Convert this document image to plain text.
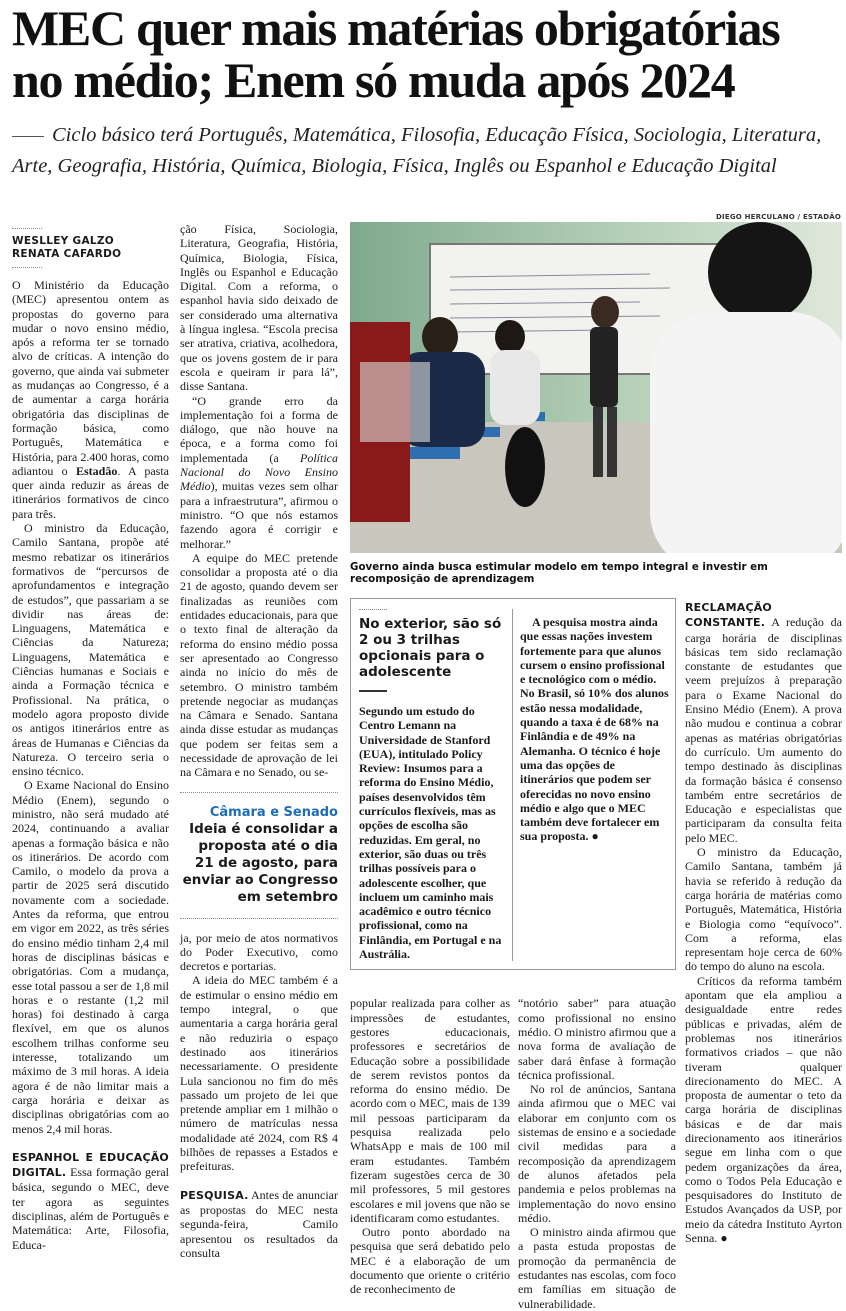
MEC quer mais matérias obrigatórias
no médio; Enem só muda após 2024
Ciclo básico terá Português, Matemática, Filosofia, Educação Física, Sociologia, Literatura, Arte, Geografia, História, Química, Biologia, Física, Inglês ou Espanhol e Educação Digital
WESLLEY GALZO
RENATA CAFARDO

O Ministério da Educação (MEC) apresentou ontem as propostas do governo para mudar o novo ensino médio, após a reforma ter se tornado alvo de críticas. A intenção do governo, que ainda vai submeter as mudanças ao Congresso, é a de aumentar a carga horária obrigatória das disciplinas de formação básica, como Português, Matemática e História, para 2.400 horas, como adiantou o Estadão. A pasta quer ainda reduzir as áreas de itinerários formativos de cinco para três.

O ministro da Educação, Camilo Santana, propõe até mesmo rebatizar os itinerários formativos de “percursos de aprofundamentos e integração de estudos”, que passariam a se dividir nas áreas de: Linguagens, Matemática e Ciências da Natureza; Linguagens, Matemática e Ciências humanas e Sociais e ainda a Formação técnica e Profissional. Na prática, o modelo agora proposto divide os antigos itinerários entre as áreas de Humanas e Ciências da Natureza. O terceiro seria o ensino técnico.

O Exame Nacional do Ensino Médio (Enem), segundo o ministro, não será mudado até 2024, continuando a avaliar apenas a formação básica e não os itinerários. De acordo com Camilo, o modelo da prova a partir de 2025 será discutido novamente com a sociedade. Antes da reforma, que entrou em vigor em 2022, as três séries do ensino médio tinham 2,4 mil horas de disciplinas básicas e obrigatórias. Com a mudança, esse total passou a ser de 1,8 mil horas e o restante (1,2 mil horas) foi destinado à carga flexível, em que os alunos escolhem trilhas conforme seu interesse, totalizando um máximo de 3 mil horas. A ideia agora é de não limitar mais a carga horária e deixar as disciplinas obrigatórias com ao menos 2,4 mil horas.

ESPANHOL E EDUCAÇÃO DIGITAL. Essa formação geral básica, segundo o MEC, deve ter agora as seguintes disciplinas, além de Português e Matemática: Arte, Filosofia, Educa-

ção Física, Sociologia, Literatura, Geografia, História, Química, Biologia, Física, Inglês ou Espanhol e Educação Digital. Com a reforma, o espanhol havia sido deixado de ser considerado uma alternativa à língua inglesa. “Escola precisa ser atrativa, criativa, acolhedora, que os jovens gostem de ir para escola e queiram ir para lá”, disse Santana.

“O grande erro da implementação foi a forma de diálogo, que não houve na época, e a forma como foi implementada (a Política Nacional do Novo Ensino Médio), muitas vezes sem olhar para a infraestrutura”, afirmou o ministro. “O que nós estamos fazendo agora é corrigir e melhorar.”

A equipe do MEC pretende consolidar a proposta até o dia 21 de agosto, quando devem ser finalizadas as reuniões com entidades educacionais, para que o texto final de alteração da reforma do ensino médio possa ser apresentado ao Congresso ainda no início do mês de setembro. O ministro também pretende negociar as mudanças na Câmara e Senado. Santana ainda disse estudar as mudanças que podem ser feitas sem a necessidade de aprovação de lei na Câmara e no Senado, ou se-

Câmara e Senado
Ideia é consolidar a proposta até o dia 21 de agosto, para enviar ao Congresso em setembro

ja, por meio de atos normativos do Poder Executivo, como decretos e portarias.

A ideia do MEC também é a de estimular o ensino médio em tempo integral, o que aumentaria a carga horária geral e não reduziria o espaço destinado aos itinerários necessariamente. O presidente Lula sancionou no fim do mês passado um projeto de lei que pretende ampliar em 1 milhão o número de matrículas nessa modalidade até 2024, com R$ 4 bilhões de repasses a Estados e prefeituras.

PESQUISA. Antes de anunciar as propostas do MEC nesta segunda-feira, Camilo apresentou os resultados da consulta

DIEGO HERCULANO / ESTADÃO
Governo ainda busca estimular modelo em tempo integral e investir em recomposição de aprendizagem
No exterior, são só 2 ou 3 trilhas opcionais para o adolescente
Segundo um estudo do Centro Lemann na Universidade de Stanford (EUA), intitulado Policy Review: Insumos para a reforma do Ensino Médio, países desenvolvidos têm currículos flexíveis, mas as opções de escolha são reduzidas. Em geral, no exterior, são duas ou três trilhas possíveis para o adolescente escolher, que incluem um caminho mais acadêmico e outro técnico profissional, como na Finlândia, em Portugal e na Austrália.

A pesquisa mostra ainda que essas nações investem fortemente para que alunos cursem o ensino profissional e tecnológico com o médio. No Brasil, só 10% dos alunos estão nessa modalidade, quando a taxa é de 68% na Finlândia e de 49% na Alemanha. O técnico é hoje uma das opções de itinerários que podem ser oferecidas no novo ensino médio e algo que o MEC também deve fortalecer em sua proposta. ●

popular realizada para colher as impressões de estudantes, gestores educacionais, professores e secretários de Educação sobre a possibilidade de serem revistos pontos da reforma do ensino médio. De acordo com o MEC, mais de 139 mil pessoas participaram da pesquisa realizada pelo WhatsApp e mais de 100 mil eram estudantes. Também fizeram sugestões cerca de 30 mil professores, 5 mil gestores escolares e mil jovens que não se identificaram como estudantes.

Outro ponto abordado na pesquisa que será debatido pelo MEC é a elaboração de um documento que oriente o critério de reconhecimento de

“notório saber” para atuação como profissional no ensino médio. O ministro afirmou que a nova forma de avaliação de saber dará ênfase à formação técnica profissional.

No rol de anúncios, Santana ainda afirmou que o MEC vai elaborar em conjunto com os sistemas de ensino e a sociedade civil medidas para a recomposição da aprendizagem de alunos afetados pela pandemia e pelos problemas na implementação do novo ensino médio.

O ministro ainda afirmou que a pasta estuda propostas de promoção da permanência de estudantes nas escolas, com foco em famílias em situação de vulnerabilidade.

RECLAMAÇÃO CONSTANTE. A redução da carga horária de disciplinas básicas tem sido reclamação constante de estudantes que veem prejuízos à preparação para o Exame Nacional do Ensino Médio (Enem). A prova não mudou e continua a cobrar apenas as matérias obrigatórias do currículo. Um aumento do tempo destinado às disciplinas da formação básica é consenso também entre secretários de Educação e especialistas que participaram da consulta feita pelo MEC.

O ministro da Educação, Camilo Santana, também já havia se referido à redução da carga horária de matérias como Português, Matemática, História e Biologia como “equívoco”. Com a reforma, elas representam hoje cerca de 60% do tempo do aluno na escola.

Críticos da reforma também apontam que ela ampliou a desigualdade entre redes públicas e privadas, além de problemas nos itinerários formativos criados – que não tiveram qualquer direcionamento do MEC. A proposta de aumentar o teto da carga horária de disciplinas básicas e de dar mais direcionamento aos itinerários segue em linha com o que pedem organizações da área, como o Todos Pela Educação e pesquisadores do Instituto de Estudos Avançados da USP, por meio da cátedra Instituto Ayrton Senna. ●
